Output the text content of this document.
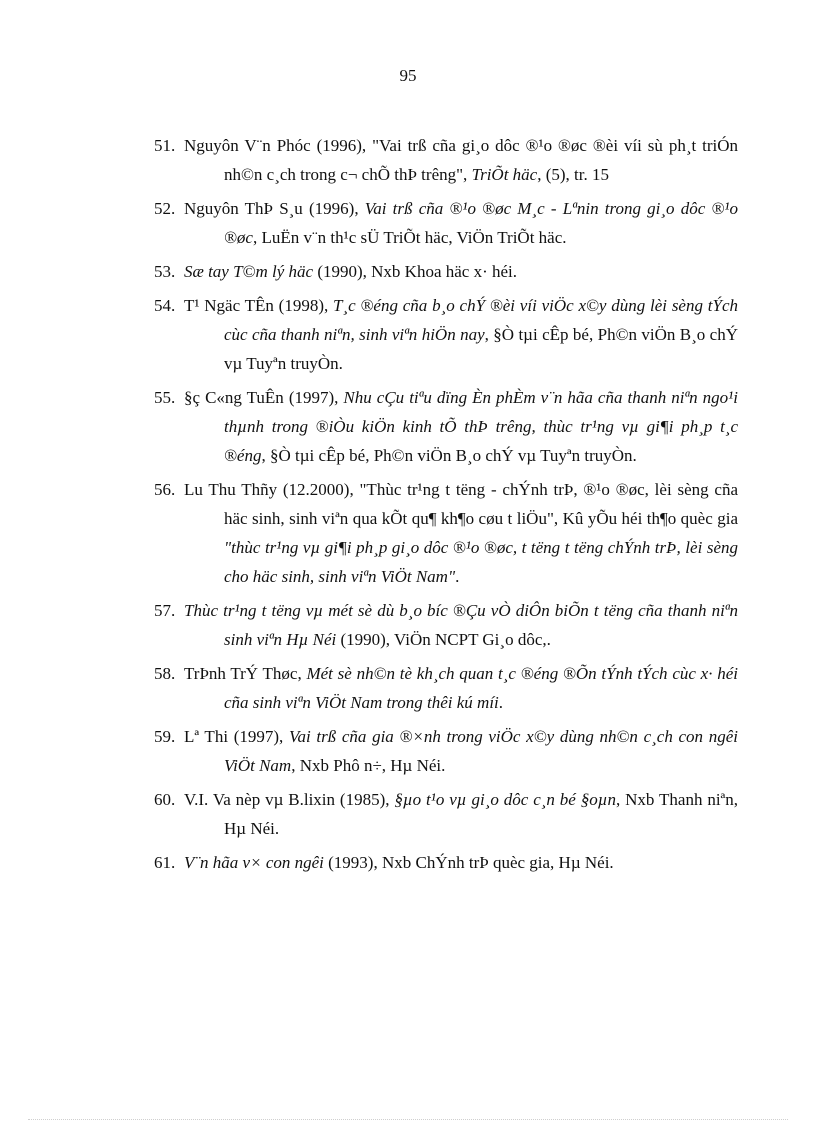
95
51. Nguyôn V¨n Phóc (1996), "Vai trß cña gi¸o dôc ®¹o ®øc ®èi víi sù ph¸t triÓn nh©n c¸ch trong c¬ chÕ thÞ trêng", TriÕt häc, (5), tr. 15
52. Nguyôn ThÞ S¸u (1996), Vai trß cña ®¹o ®øc M¸c - Lªnin trong gi¸o dôc ®¹o ®øc, LuËn v¨n th¹c sÜ TriÕt häc, ViÖn TriÕt häc.
53. Sæ tay T©m lý häc (1990), Nxb Khoa häc x· héi.
54. T¹ Ngäc TÊn (1998), T¸c ®éng cña b¸o chÝ ®èi víi viÖc x©y dùng lèi sèng tÝch cùc cña thanh niªn, sinh viªn hiÖn nay, §Ò tµi cÊp bé, Ph©n viÖn B¸o chÝ vµ Tuyªn truyÒn.
55. §ç C«ng TuÊn (1997), Nhu cÇu tiªu dïng Èn phÈm v¨n hãa cña thanh niªn ngo¹i thµnh trong ®iÒu kiÖn kinh tÕ thÞ trêng, thùc tr¹ng vµ gi¶i ph¸p t¸c ®éng, §Ò tµi cÊp bé, Ph©n viÖn B¸o chÝ vµ Tuyªn truyÒn.
56. Lu Thu Thñy (12.2000), "Thùc tr¹ng t tëng - chÝnh trÞ, ®¹o ®øc, lèi sèng cña häc sinh, sinh viªn qua kÕt qu¶ kh¶o cøu t liÖu", Kû yÕu héi th¶o quèc gia "thùc tr¹ng vµ gi¶i ph¸p gi¸o dôc ®¹o ®øc, t tëng t tëng chÝnh trÞ, lèi sèng cho häc sinh, sinh viªn ViÖt Nam".
57. Thùc tr¹ng t tëng vµ mét sè dù b¸o bíc ®Çu vÒ diÔn biÕn t tëng cña thanh niªn sinh viªn Hµ Néi (1990), ViÖn NCPT Gi¸o dôc,.
58. TrÞnh TrÝ Thøc, Mét sè nh©n tè kh¸ch quan t¸c ®éng ®Õn tÝnh tÝch cùc x· héi cña sinh viªn ViÖt Nam trong thêi kú míi.
59. Lª Thi (1997), Vai trß cña gia ®×nh trong viÖc x©y dùng nh©n c¸ch con ngêi ViÖt Nam, Nxb Phô n÷, Hµ Néi.
60. V.I. Va nèp vµ B.lixin (1985), §µo t¹o vµ gi¸o dôc c¸n bé §oµn, Nxb Thanh niªn, Hµ Néi.
61. V¨n hãa v× con ngêi (1993), Nxb ChÝnh trÞ quèc gia, Hµ Néi.
